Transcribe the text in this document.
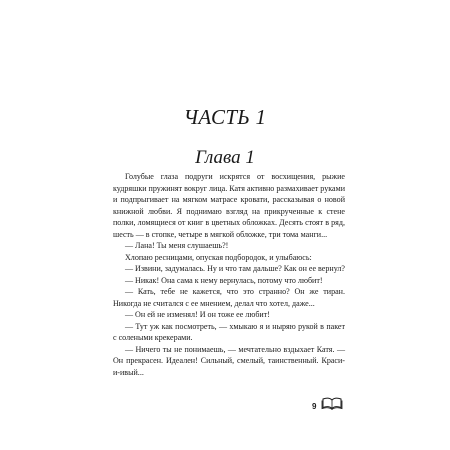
ЧАСТЬ 1
Глава 1

Голубые глаза подруги искрятся от восхищения, рыжие кудряшки пружинят вокруг лица. Катя активно размахивает руками и подпрыгивает на мягком матрасе кровати, рассказывая о новой книжной любви. Я поднимаю взгляд на прикрученные к стене полки, ломящиеся от книг в цветных обложках. Десять стоят в ряд, шесть — в стопке, четыре в мягкой обложке, три тома манги...

— Лана! Ты меня слушаешь?!

Хлопаю ресницами, опуская подбородок, и улыбаюсь:

— Извини, задумалась. Ну и что там дальше? Как он ее вернул?

— Никак! Она сама к нему вернулась, потому что любит!

— Кать, тебе не кажется, что это странно? Он же тиран. Никогда не считался с ее мнением, делал что хотел, даже...

— Он ей не изменял! И он тоже ее любит!

— Тут уж как посмотреть, — хмыкаю я и ныряю рукой в пакет с солеными крекерами.

— Ничего ты не понимаешь, — мечтательно вздыхает Катя. — Он прекрасен. Идеален! Сильный, смелый, таинственный. Краси-и-ивый...

9
